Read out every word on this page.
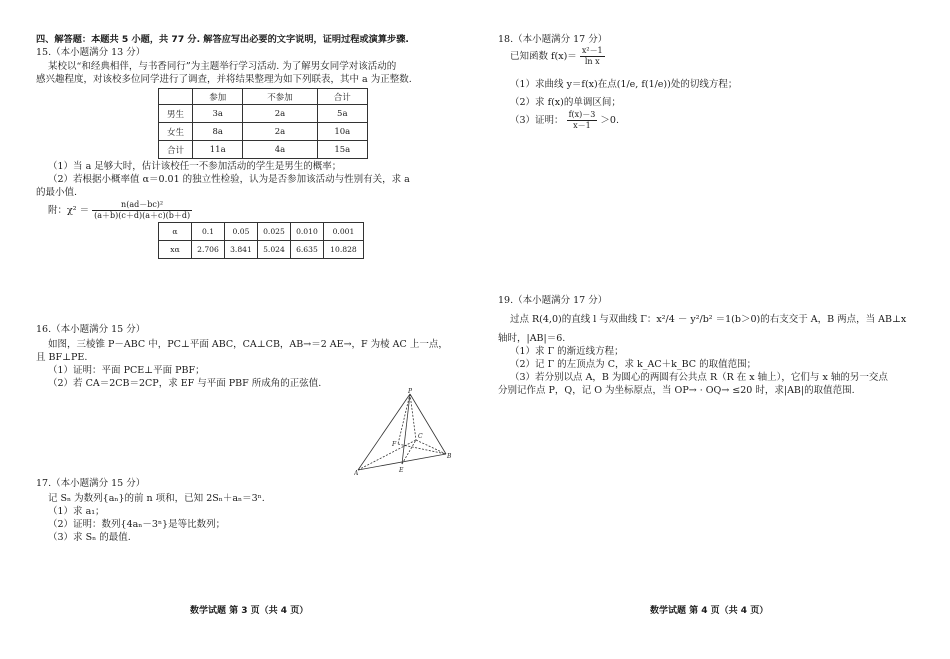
四、解答题：本题共 5 小题，共 77 分. 解答应写出必要的文字说明，证明过程或演算步骤.

15.（本小题满分 13 分）

某校以“和经典相伴，与书香同行”为主题举行学习活动. 为了解男女同学对该活动的

感兴趣程度，对该校多位同学进行了调查，并将结果整理为如下列联表，其中 a 为正整数.

	参加	不参加	合计
男生	3a	2a	5a
女生	8a	2a	10a
合计	11a	4a	15a

（1）当 a 足够大时，估计该校任一不参加活动的学生是男生的概率；

（2）若根据小概率值 α＝0.01 的独立性检验，认为是否参加该活动与性别有关，求 a

的最小值.

附：$\chi^2 = \frac{\text{n(ad－bc)²}}{(a+b)(c+d)(a+c)(b+d)}$
α	0.1	0.05	0.025	0.010	0.001
xα	2.706	3.841	5.024	6.635	10.828

16.（本小题满分 15 分）

如图，三棱锥 P－ABC 中，PC⊥平面 ABC，CA⊥CB，AB→＝2 AE→，F 为棱 AC 上一点，

且 BF⊥PE.

（1）证明：平面 PCE⊥平面 PBF；

（2）若 CA＝2CB＝2CP，求 EF 与平面 PBF 所成角的正弦值.

P
A
B
C
E
F

17.（本小题满分 15 分）

记 Sₙ 为数列{aₙ}的前 n 项和，已知 2Sₙ＋aₙ＝3ⁿ.

（1）求 a₁；

（2）证明：数列{4aₙ－3ⁿ}是等比数列；

（3）求 Sₙ 的最值.

数学试题 第 3 页（共 4 页）

18.（本小题满分 17 分）

已知函数 $f(x)= \frac{\text{x²－1}}{\text{ln x}}$

（1）求曲线 y＝f(x)在点(1/e, f(1/e))处的切线方程；

（2）求 f(x)的单调区间；

（3）证明： $\frac{f(x)-3}{x-1} >0$.

19.（本小题满分 17 分）

过点 R(4,0)的直线 l 与双曲线 Γ：x²/4 － y²/b² ＝1(b＞0)的右支交于 A，B 两点，当 AB⊥x

轴时，|AB|＝6.

（1）求 Γ 的渐近线方程；

（2）记 Γ 的左顶点为 C，求 k_AC＋k_BC 的取值范围；

（3）若分别以点 A，B 为圆心的两圆有公共点 R（R 在 x 轴上），它们与 x 轴的另一交点

分别记作点 P，Q，记 O 为坐标原点，当 OP→ · OQ→ ≤20 时，求|AB|的取值范围.

数学试题 第 4 页（共 4 页）
